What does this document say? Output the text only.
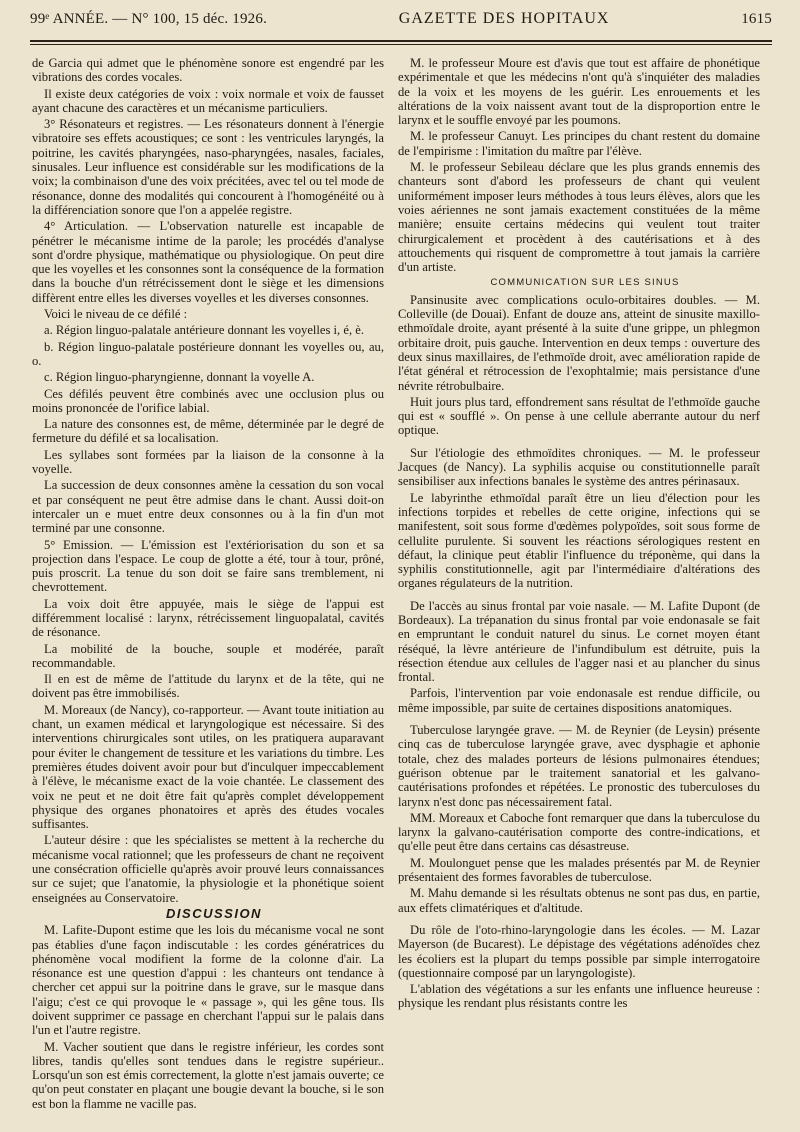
99ᵉ ANNÉE. — N° 100, 15 déc. 1926.	GAZETTE DES HOPITAUX	1615

de Garcia qui admet que le phénomène sonore est engendré par les vibrations des cordes vocales.

Il existe deux catégories de voix : voix normale et voix de fausset ayant chacune des caractères et un mécanisme particuliers.

3° Résonateurs et registres. — Les résonateurs donnent à l'énergie vibratoire ses effets acoustiques; ce sont : les ventricules laryngés, la poitrine, les cavités pharyngées, naso-pharyngées, nasales, faciales, sinusales. Leur influence est considérable sur les modifications de la voix; la combinaison d'une des voix précitées, avec tel ou tel mode de résonance, donne des modalités qui concourent à l'homogénéité ou à la différenciation sonore que l'on a appelée registre.

4° Articulation. — L'observation naturelle est incapable de pénétrer le mécanisme intime de la parole; les procédés d'analyse sont d'ordre physique, mathématique ou physiologique. On peut dire que les voyelles et les consonnes sont la conséquence de la formation dans la bouche d'un rétrécissement dont le siège et les dimensions diffèrent entre elles les diverses voyelles et les diverses consonnes.

Voici le niveau de ce défilé :

a. Région linguo-palatale antérieure donnant les voyelles i, é, è.

b. Région linguo-palatale postérieure donnant les voyelles ou, au, o.

c. Région linguo-pharyngienne, donnant la voyelle A.

Ces défilés peuvent être combinés avec une occlusion plus ou moins prononcée de l'orifice labial.

La nature des consonnes est, de même, déterminée par le degré de fermeture du défilé et sa localisation.

Les syllabes sont formées par la liaison de la consonne à la voyelle.

La succession de deux consonnes amène la cessation du son vocal et par conséquent ne peut être admise dans le chant. Aussi doit-on intercaler un e muet entre deux consonnes ou à la fin d'un mot terminé par une consonne.

5° Emission. — L'émission est l'extériorisation du son et sa projection dans l'espace. Le coup de glotte a été, tour à tour, prôné, puis proscrit. La tenue du son doit se faire sans tremblement, ni chevrottement.

La voix doit être appuyée, mais le siège de l'appui est différemment localisé : larynx, rétrécissement linguopalatal, cavités de résonance.

La mobilité de la bouche, souple et modérée, paraît recommandable.

Il en est de même de l'attitude du larynx et de la tête, qui ne doivent pas être immobilisés.

M. Moreaux (de Nancy), co-rapporteur. — Avant toute initiation au chant, un examen médical et laryngologique est nécessaire. Si des interventions chirurgicales sont utiles, on les pratiquera auparavant pour éviter le changement de tessiture et les variations du timbre. Les premières études doivent avoir pour but d'inculquer impeccablement à l'élève, le mécanisme exact de la voie chantée. Le classement des voix ne peut et ne doit être fait qu'après complet développement physique des organes phonatoires et après des études vocales suffisantes.

L'auteur désire : que les spécialistes se mettent à la recherche du mécanisme vocal rationnel; que les professeurs de chant ne reçoivent une consécration officielle qu'après avoir prouvé leurs connaissances sur ce sujet; que l'anatomie, la physiologie et la phonétique soient enseignées au Conservatoire.

DISCUSSION

M. Lafite-Dupont estime que les lois du mécanisme vocal ne sont pas établies d'une façon indiscutable : les cordes génératrices du phénomène vocal modifient la forme de la colonne d'air. La résonance est une question d'appui : les chanteurs ont tendance à chercher cet appui sur la poitrine dans le grave, sur le masque dans l'aigu; c'est ce qui provoque le « passage », qui les gêne tous. Ils doivent supprimer ce passage en cherchant l'appui sur le palais dans l'un et l'autre registre.

M. Vacher soutient que dans le registre inférieur, les cordes sont libres, tandis qu'elles sont tendues dans le registre supérieur.. Lorsqu'un son est émis correctement, la glotte n'est jamais ouverte; ce qu'on peut constater en plaçant une bougie devant la bouche, si le son est bon la flamme ne vacille pas.

M. le professeur Moure est d'avis que tout est affaire de phonétique expérimentale et que les médecins n'ont qu'à s'inquiéter des maladies de la voix et les moyens de les guérir. Les enrouements et les altérations de la voix naissent avant tout de la disproportion entre le larynx et le souffle envoyé par les poumons.

M. le professeur Canuyt. Les principes du chant restent du domaine de l'empirisme : l'imitation du maître par l'élève.

M. le professeur Sebileau déclare que les plus grands ennemis des chanteurs sont d'abord les professeurs de chant qui veulent uniformément imposer leurs méthodes à tous leurs élèves, alors que les voies aériennes ne sont jamais exactement constituées de la même manière; ensuite certains médecins qui veulent tout traiter chirurgicalement et procèdent à des cautérisations et à des attouchements qui risquent de compromettre à tout jamais la carrière d'un artiste.

COMMUNICATION SUR LES SINUS

Pansinusite avec complications oculo-orbitaires doubles. — M. Colleville (de Douai). Enfant de douze ans, atteint de sinusite maxillo-ethmoïdale droite, ayant présenté à la suite d'une grippe, un phlegmon orbitaire droit, puis gauche. Intervention en deux temps : ouverture des deux sinus maxillaires, de l'ethmoïde droit, avec amélioration rapide de l'état général et rétrocession de l'exophtalmie; mais persistance d'une névrite rétrobulbaire.

Huit jours plus tard, effondrement sans résultat de l'ethmoïde gauche qui est « soufflé ». On pense à une cellule aberrante autour du nerf optique.

Sur l'étiologie des ethmoïdites chroniques. — M. le professeur Jacques (de Nancy). La syphilis acquise ou constitutionnelle paraît sensibiliser aux infections banales le système des antres périnasaux.

Le labyrinthe ethmoïdal paraît être un lieu d'élection pour les infections torpides et rebelles de cette origine, infections qui se manifestent, soit sous forme d'œdèmes polypoïdes, soit sous forme de cellulite purulente. Si souvent les réactions sérologiques restent en défaut, la clinique peut établir l'influence du tréponème, qui dans la syphilis constitutionnelle, agit par l'intermédiaire d'altérations des organes régulateurs de la nutrition.

De l'accès au sinus frontal par voie nasale. — M. Lafite Dupont (de Bordeaux). La trépanation du sinus frontal par voie endonasale se fait en empruntant le conduit naturel du sinus. Le cornet moyen étant réséqué, la lèvre antérieure de l'infundibulum est détruite, puis la résection étendue aux cellules de l'agger nasi et au plancher du sinus frontal.

Parfois, l'intervention par voie endonasale est rendue difficile, ou même impossible, par suite de certaines dispositions anatomiques.

Tuberculose laryngée grave. — M. de Reynier (de Leysin) présente cinq cas de tuberculose laryngée grave, avec dysphagie et aphonie totale, chez des malades porteurs de lésions pulmonaires étendues; guérison obtenue par le traitement sanatorial et les galvano-cautérisations profondes et répétées. Le pronostic des tuberculoses du larynx n'est donc pas nécessairement fatal.

MM. Moreaux et Caboche font remarquer que dans la tuberculose du larynx la galvano-cautérisation comporte des contre-indications, et qu'elle peut être dans certains cas désastreuse.

M. Moulonguet pense que les malades présentés par M. de Reynier présentaient des formes favorables de tuberculose.

M. Mahu demande si les résultats obtenus ne sont pas dus, en partie, aux effets climatériques et d'altitude.

Du rôle de l'oto-rhino-laryngologie dans les écoles. — M. Lazar Mayerson (de Bucarest). Le dépistage des végétations adénoïdes chez les écoliers est la plupart du temps possible par simple interrogatoire (questionnaire composé par un laryngologiste).

L'ablation des végétations a sur les enfants une influence heureuse : physique les rendant plus résistants contre les
